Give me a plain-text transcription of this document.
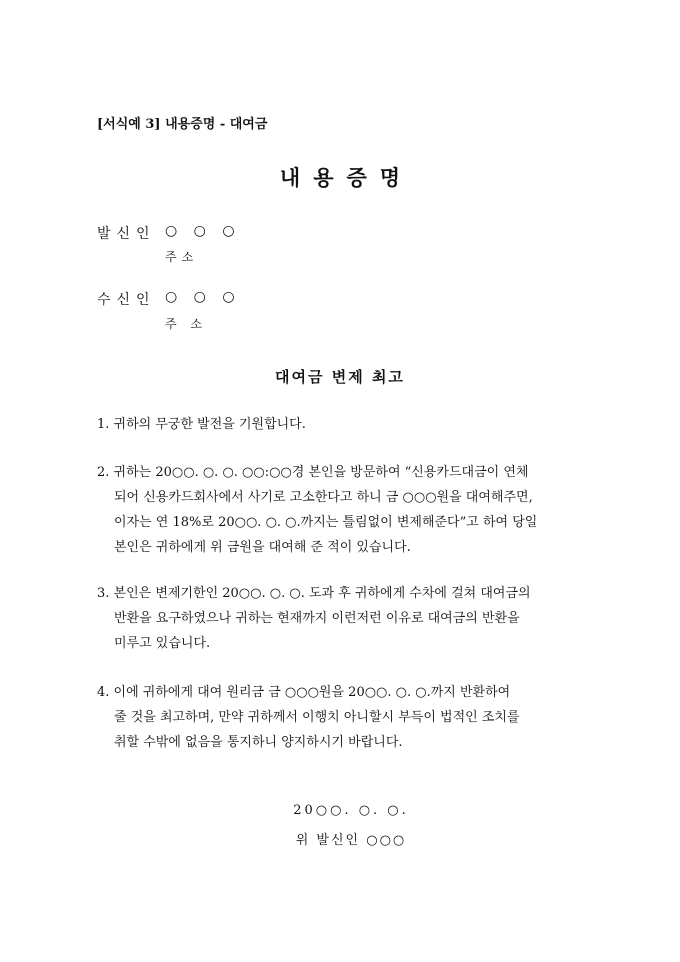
[서식예 3] 내용증명 - 대여금
내용증명
발신인 ○ ○ ○
주소
수신인 ○ ○ ○
주 소
대여금 변제 최고
1. 귀하의 무궁한 발전을 기원합니다.
2. 귀하는 20○○. ○. ○. ○○:○○경 본인을 방문하여 “신용카드대금이 연체
되어 신용카드회사에서 사기로 고소한다고 하니 금 ○○○원을 대여해주면,
이자는 연 18%로 20○○. ○. ○.까지는 틀림없이 변제해준다”고 하여 당일
본인은 귀하에게 위 금원을 대여해 준 적이 있습니다.
3. 본인은 변제기한인 20○○. ○. ○. 도과 후 귀하에게 수차에 걸쳐 대여금의
반환을 요구하였으나 귀하는 현재까지 이런저런 이유로 대여금의 반환을
미루고 있습니다.
4. 이에 귀하에게 대여 원리금 금 ○○○원을 20○○. ○. ○.까지 반환하여
줄 것을 최고하며, 만약 귀하께서 이행치 아니할시 부득이 법적인 조치를
취할 수밖에 없음을 통지하니 양지하시기 바랍니다.
20○○. ○. ○.
위 발신인 ○○○
